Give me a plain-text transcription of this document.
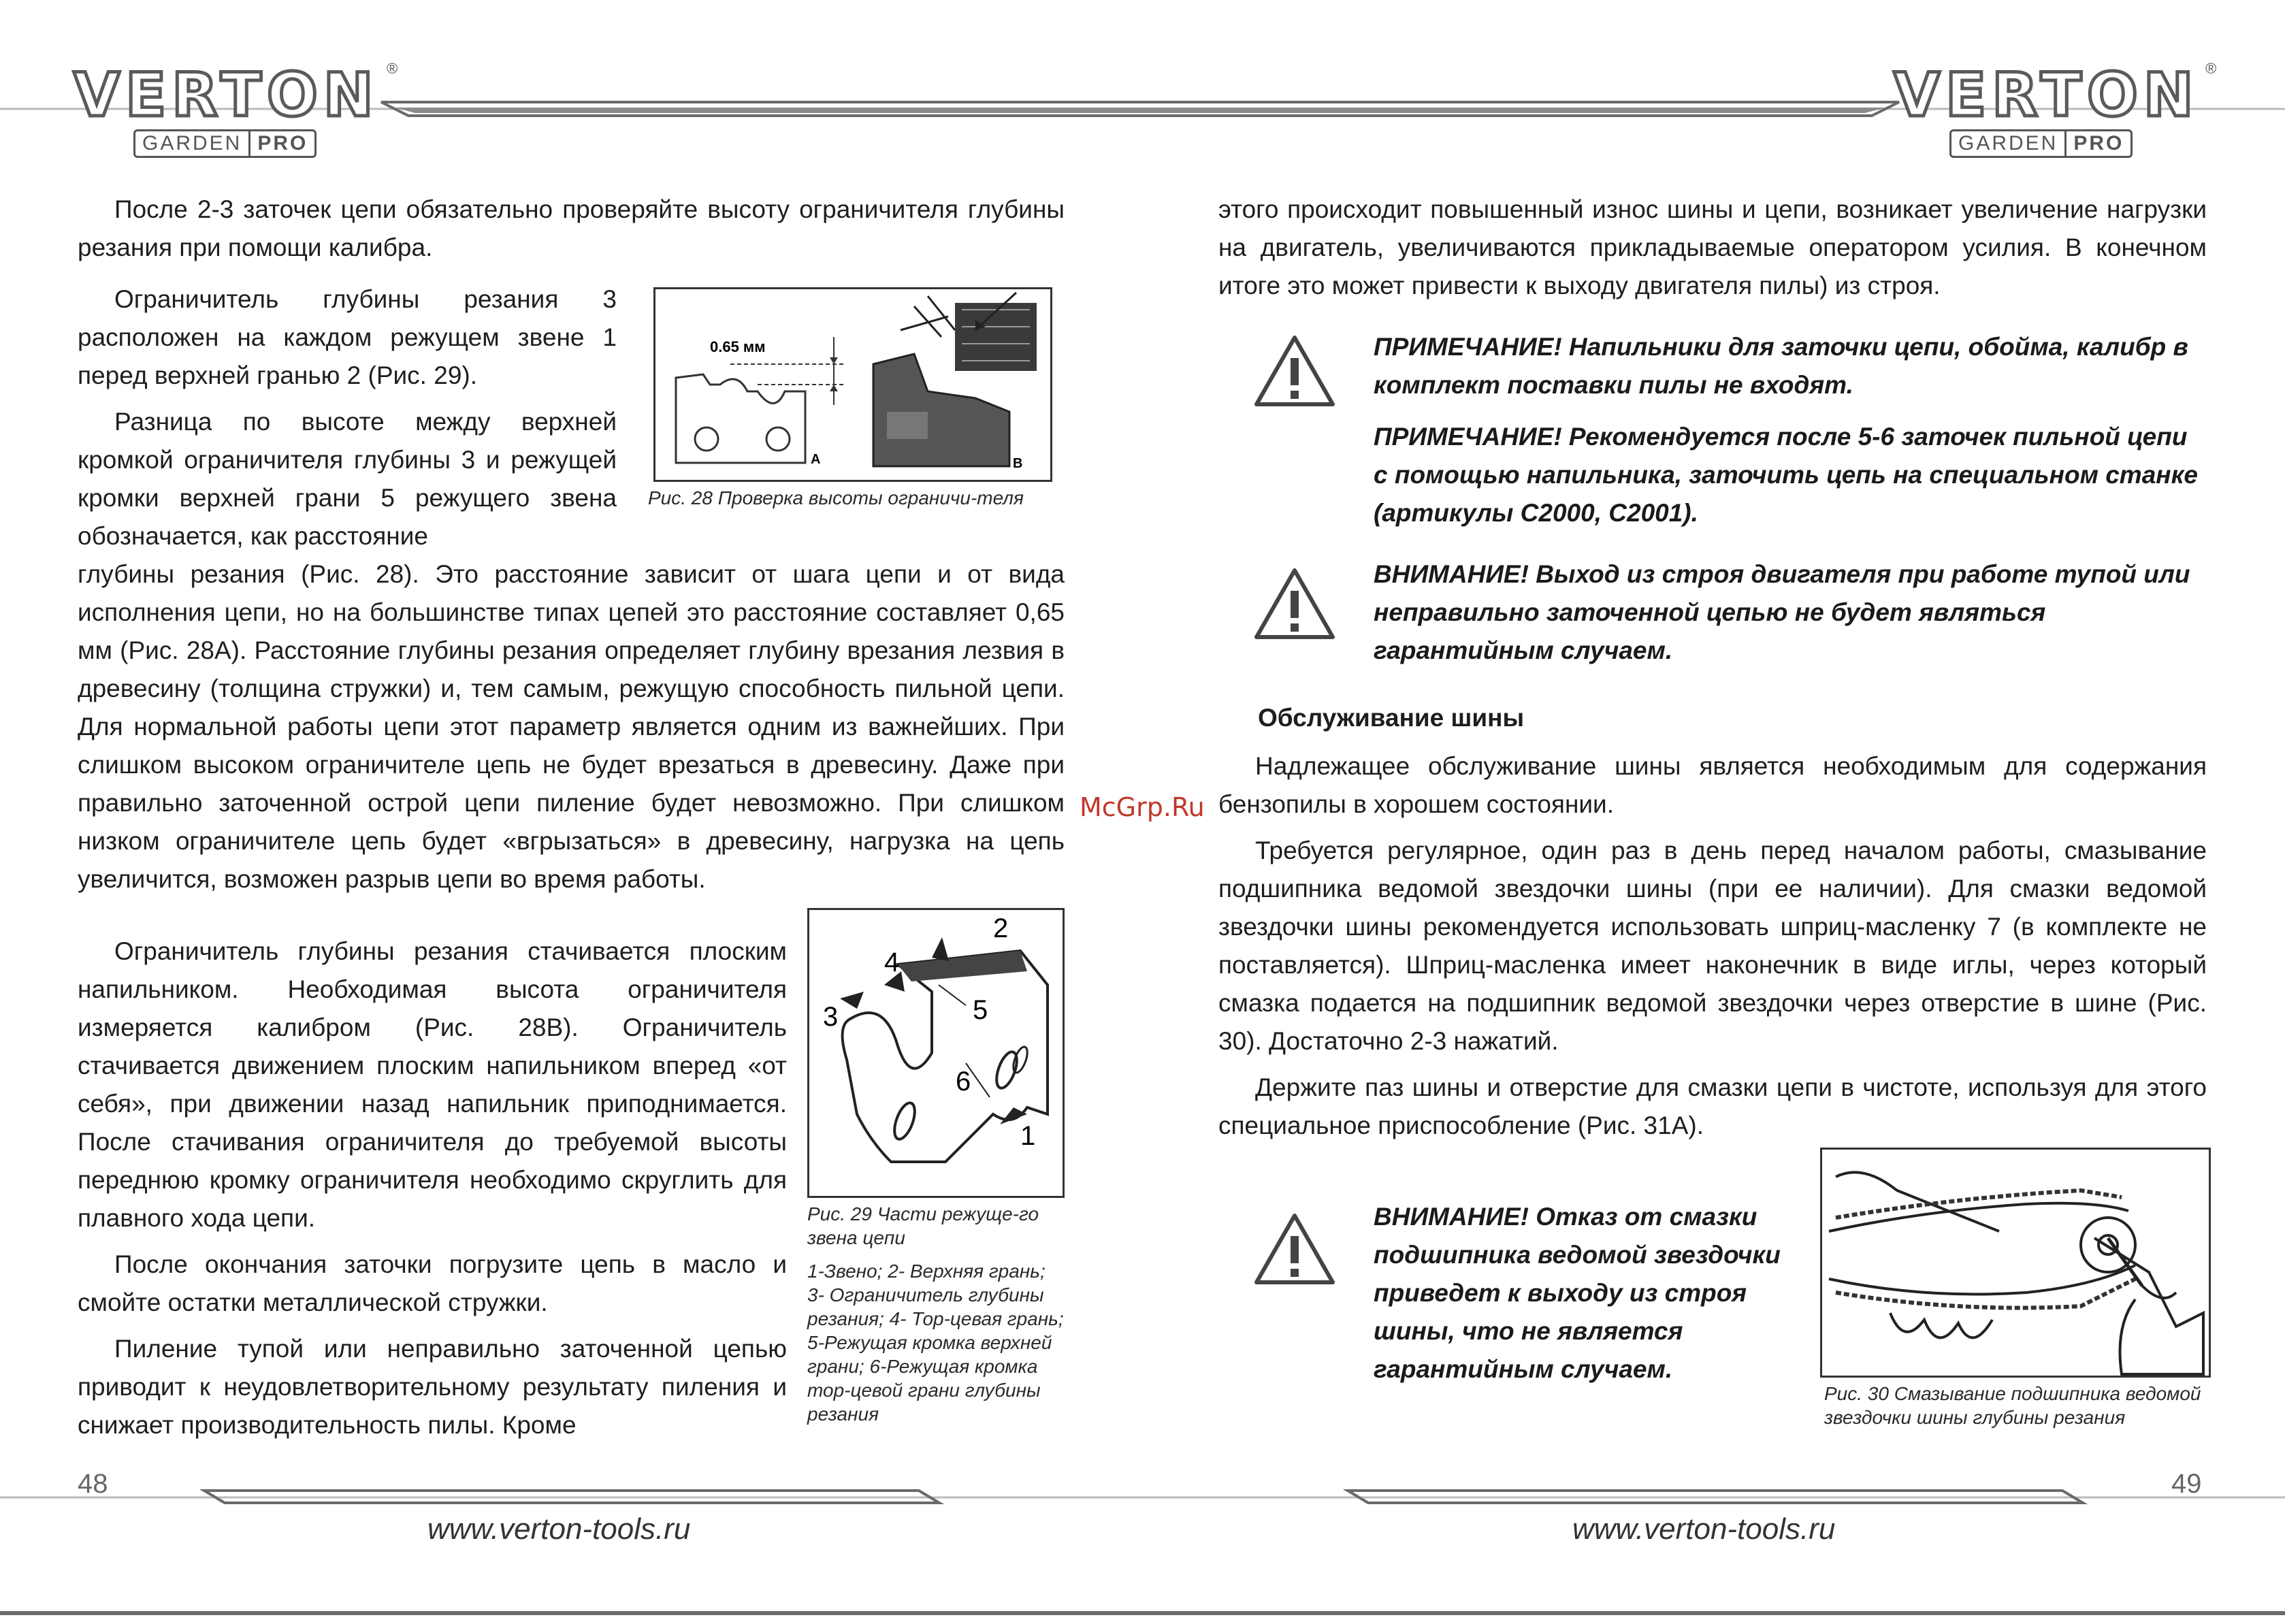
VERTON ®
GARDEN PRO
VERTON ®
GARDEN PRO

После 2-3 заточек цепи обязательно проверяйте высоту ограничителя глубины резания при помощи калибра.

Ограничитель глубины резания 3 расположен на каждом режущем звене 1 перед верхней гранью 2 (Рис. 29).

Разница по высоте между верхней кромкой ограничителя глубины 3 и режущей кромки верхней грани 5 режущего звена обозначается, как расстояние

глубины резания (Рис. 28). Это расстояние зависит от шага цепи и от вида исполнения цепи, но на большинстве типах цепей это расстояние составляет 0,65 мм (Рис. 28А). Расстояние глубины резания определяет глубину врезания лезвия в древесину (толщина стружки) и, тем самым, режущую способность пильной цепи. Для нормальной работы цепи этот параметр является одним из важнейших. При слишком высоком ограничителе цепь не будет врезаться в древесину. Даже при правильно заточенной острой цепи пиление будет невозможно. При слишком низком ограничителе цепь будет «вгрызаться» в древесину, нагрузка на цепь увеличится, возможен разрыв цепи во время работы.

Ограничитель глубины резания стачивается плоским напильником. Необходимая высота ограничителя измеряется калибром (Рис. 28В). Ограничитель стачивается движением плоским напильником вперед «от себя», при движении назад напильник приподнимается. После стачивания ограничителя до требуемой высоты переднюю кромку ограничителя необходимо скруглить для плавного хода цепи.

После окончания заточки погрузите цепь в масло и смойте остатки металлической стружки.

Пиление тупой или неправильно заточенной цепью приводит к неудовлетворительному результату пиления и снижает производительность пилы. Кроме

0.65 мм
A	B

Рис. 28 Проверка высоты ограничи-теля

3
4
2
5
6
1

Рис. 29 Части режуще-го звена цепи

1-Звено; 2- Верхняя грань; 3- Ограничитель глубины резания; 4- Тор-цевая грань; 5-Режущая кромка верхней грани; 6-Режущая кромка тор-цевой грани глубины резания

McGrp.Ru

этого происходит повышенный износ шины и цепи, возникает увеличение нагрузки на двигатель, увеличиваются прикладываемые оператором усилия. В конечном итоге это может привести к выходу двигателя пилы) из строя.

ПРИМЕЧАНИЕ! Напильники для заточки цепи, обойма, калибр в комплект поставки пилы не входят.

ПРИМЕЧАНИЕ! Рекомендуется после 5-6 заточек пильной цепи с помощью напильника, заточить цепь на специальном станке (артикулы С2000, С2001).

ВНИМАНИЕ! Выход из строя двигателя при работе тупой или неправильно заточенной цепью не будет являться гарантийным случаем.

Обслуживание шины

Надлежащее обслуживание шины является необходимым для содержания бензопилы в хорошем состоянии.

Требуется регулярное, один раз в день перед началом работы, смазывание подшипника ведомой звездочки шины (при ее наличии). Для смазки ведомой звездочки шины рекомендуется использовать шприц-масленку 7 (в комплекте не поставляется). Шприц-масленка имеет наконечник в виде иглы, через который смазка подается на подшипник ведомой звездочки через отверстие в шине (Рис. 30). Достаточно 2-3 нажатий.

Держите паз шины и отверстие для смазки цепи в чистоте, используя для этого специальное приспособление (Рис. 31А).

ВНИМАНИЕ! Отказ от смазки подшипника ведомой звездочки приведет к выходу из строя шины, что не является гарантийным случаем.

Рис. 30 Смазывание подшипника ведомой звездочки шины глубины резания

48	49
www.verton-tools.ru	www.verton-tools.ru
